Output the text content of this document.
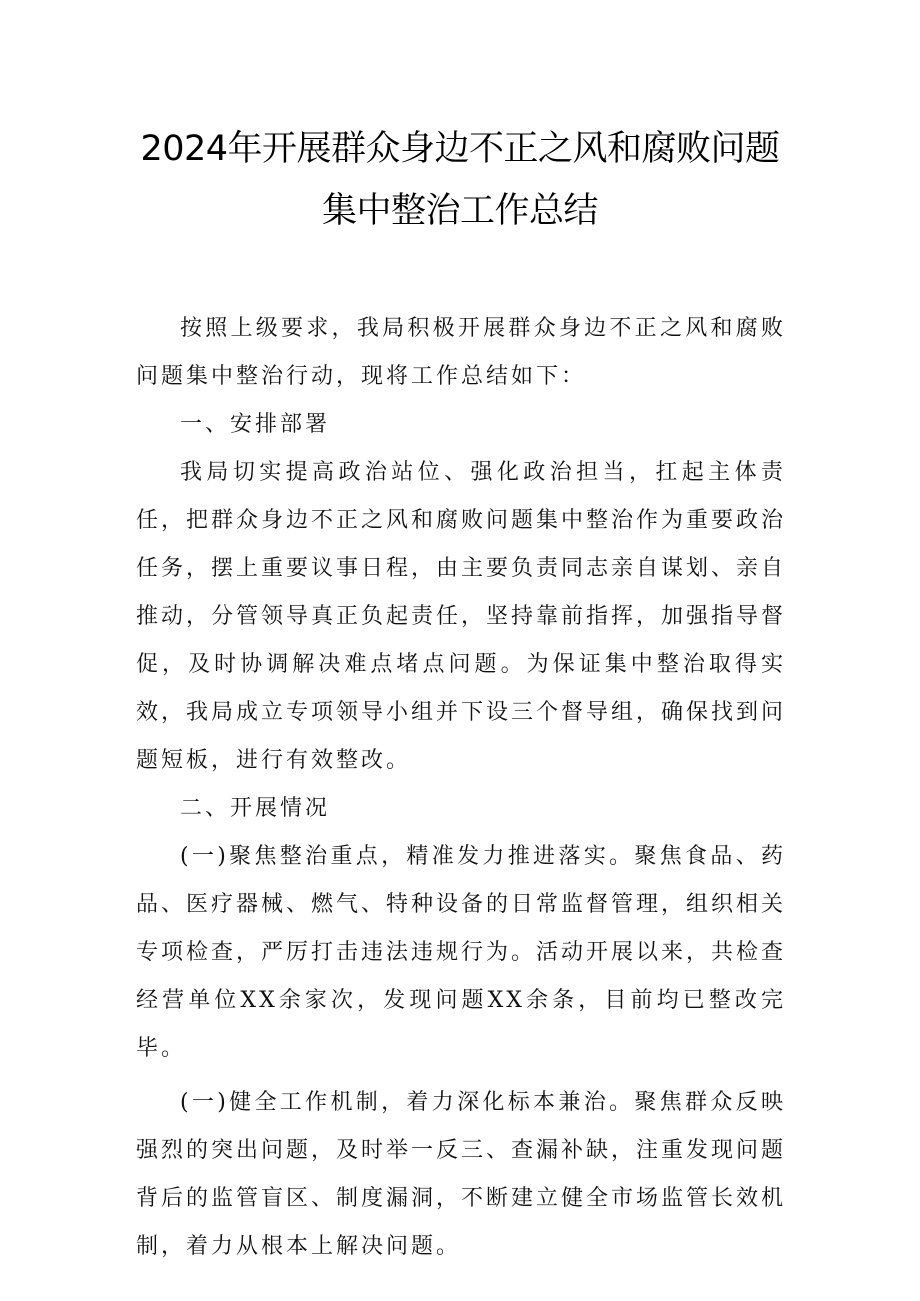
2024年开展群众身边不正之风和腐败问题
集中整治工作总结

按照上级要求，我局积极开展群众身边不正之风和腐败问题集中整治行动，现将工作总结如下：

一、安排部署

我局切实提高政治站位、强化政治担当，扛起主体责任，把群众身边不正之风和腐败问题集中整治作为重要政治任务，摆上重要议事日程，由主要负责同志亲自谋划、亲自推动，分管领导真正负起责任，坚持靠前指挥，加强指导督促，及时协调解决难点堵点问题。为保证集中整治取得实效，我局成立专项领导小组并下设三个督导组，确保找到问题短板，进行有效整改。

二、开展情况

(一)聚焦整治重点，精准发力推进落实。聚焦食品、药品、医疗器械、燃气、特种设备的日常监督管理，组织相关专项检查，严厉打击违法违规行为。活动开展以来，共检查经营单位XX余家次，发现问题XX余条，目前均已整改完毕。

(一)健全工作机制，着力深化标本兼治。聚焦群众反映强烈的突出问题，及时举一反三、查漏补缺，注重发现问题背后的监管盲区、制度漏洞，不断建立健全市场监管长效机制，着力从根本上解决问题。
